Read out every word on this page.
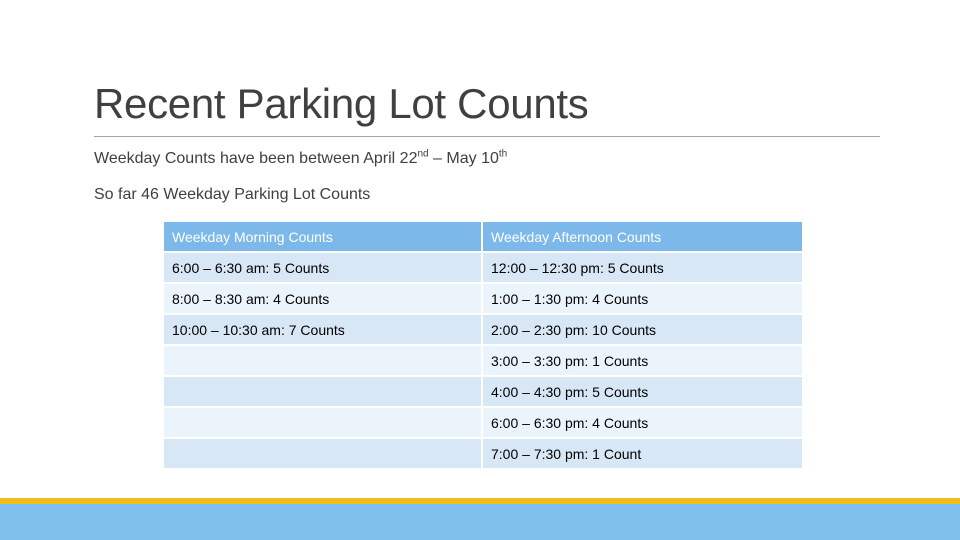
Recent Parking Lot Counts
Weekday Counts have been between April 22nd – May 10th
So far 46 Weekday Parking Lot Counts
Weekday Morning Counts	Weekday Afternoon Counts
6:00 – 6:30 am: 5 Counts	12:00 – 12:30 pm: 5 Counts
8:00 – 8:30 am: 4 Counts	1:00 – 1:30 pm: 4 Counts
10:00 – 10:30 am: 7 Counts	2:00 – 2:30 pm: 10 Counts
	3:00 – 3:30 pm: 1 Counts
	4:00 – 4:30 pm: 5 Counts
	6:00 – 6:30 pm: 4 Counts
	7:00 – 7:30 pm: 1 Count
